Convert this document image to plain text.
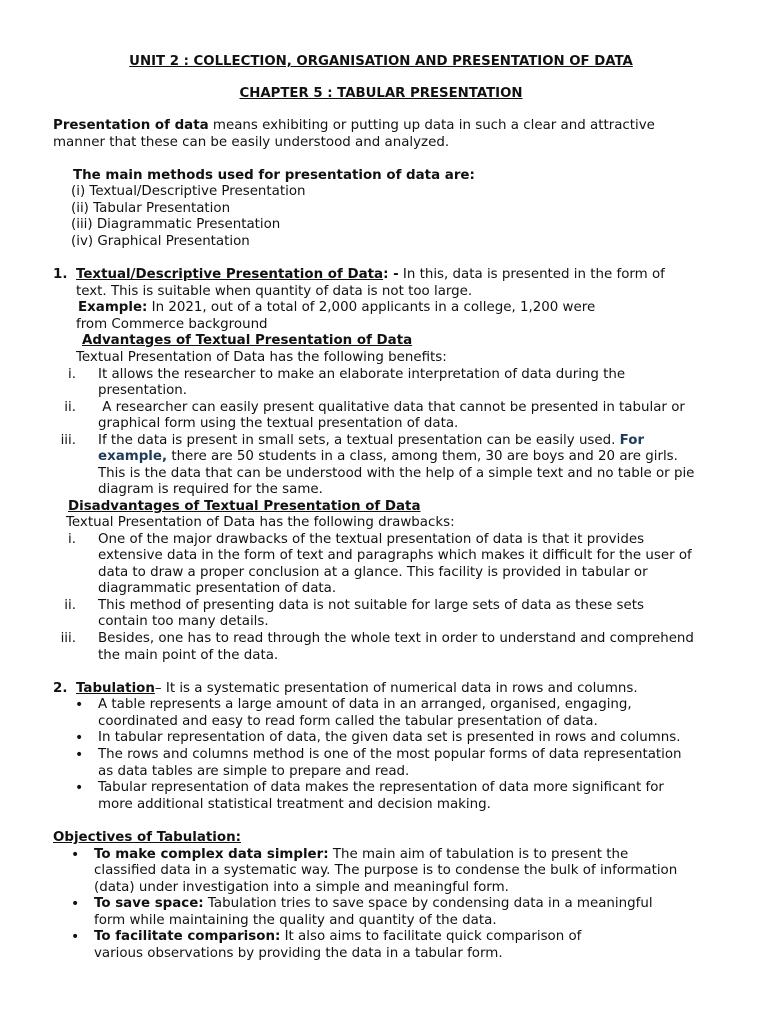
UNIT 2 : COLLECTION, ORGANISATION AND PRESENTATION OF DATA
CHAPTER 5 : TABULAR PRESENTATION
Presentation of data means exhibiting or putting up data in such a clear and attractive
manner that these can be easily understood and analyzed.
The main methods used for presentation of data are:
(i) Textual/Descriptive Presentation
(ii) Tabular Presentation
(iii) Diagrammatic Presentation
(iv) Graphical Presentation
1. Textual/Descriptive Presentation of Data: - In this, data is presented in the form of
text. This is suitable when quantity of data is not too large.
Example: In 2021, out of a total of 2,000 applicants in a college, 1,200 were
from Commerce background
Advantages of Textual Presentation of Data
Textual Presentation of Data has the following benefits:
i. It allows the researcher to make an elaborate interpretation of data during the
presentation.
ii. A researcher can easily present qualitative data that cannot be presented in tabular or
graphical form using the textual presentation of data.
iii. If the data is present in small sets, a textual presentation can be easily used. For
example, there are 50 students in a class, among them, 30 are boys and 20 are girls.
This is the data that can be understood with the help of a simple text and no table or pie
diagram is required for the same.
Disadvantages of Textual Presentation of Data
Textual Presentation of Data has the following drawbacks:
i. One of the major drawbacks of the textual presentation of data is that it provides
extensive data in the form of text and paragraphs which makes it difficult for the user of
data to draw a proper conclusion at a glance. This facility is provided in tabular or
diagrammatic presentation of data.
ii. This method of presenting data is not suitable for large sets of data as these sets
contain too many details.
iii. Besides, one has to read through the whole text in order to understand and comprehend
the main point of the data.
2. Tabulation– It is a systematic presentation of numerical data in rows and columns.
• A table represents a large amount of data in an arranged, organised, engaging,
coordinated and easy to read form called the tabular presentation of data.
• In tabular representation of data, the given data set is presented in rows and columns.
• The rows and columns method is one of the most popular forms of data representation
as data tables are simple to prepare and read.
• Tabular representation of data makes the representation of data more significant for
more additional statistical treatment and decision making.
Objectives of Tabulation:
• To make complex data simpler: The main aim of tabulation is to present the
classified data in a systematic way. The purpose is to condense the bulk of information
(data) under investigation into a simple and meaningful form.
• To save space: Tabulation tries to save space by condensing data in a meaningful
form while maintaining the quality and quantity of the data.
• To facilitate comparison: It also aims to facilitate quick comparison of
various observations by providing the data in a tabular form.
